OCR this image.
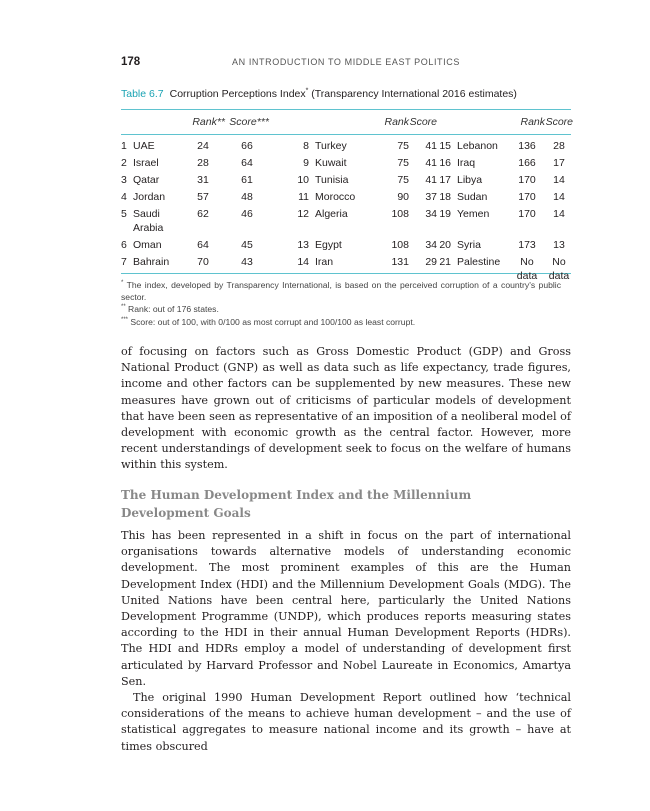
178	AN INTRODUCTION TO MIDDLE EAST POLITICS
Table 6.7 Corruption Perceptions Index* (Transparency International 2016 estimates)
		Rank**	Score***			Rank	Score			Rank	Score
1	UAE	24	66	8	Turkey	75	41	15	Lebanon	136	28
2	Israel	28	64	9	Kuwait	75	41	16	Iraq	166	17
3	Qatar	31	61	10	Tunisia	75	41	17	Libya	170	14
4	Jordan	57	48	11	Morocco	90	37	18	Sudan	170	14
5	Saudi Arabia	62	46	12	Algeria	108	34	19	Yemen	170	14
6	Oman	64	45	13	Egypt	108	34	20	Syria	173	13
7	Bahrain	70	43	14	Iran	131	29	21	Palestine	No data	No data

* The index, developed by Transparency International, is based on the perceived corruption of a country's public sector.

** Rank: out of 176 states.

*** Score: out of 100, with 0/100 as most corrupt and 100/100 as least corrupt.

of focusing on factors such as Gross Domestic Product (GDP) and Gross National Product (GNP) as well as data such as life expectancy, trade figures, income and other factors can be supplemented by new measures. These new measures have grown out of criticisms of particular models of development that have been seen as representative of an imposition of a neoliberal model of development with economic growth as the central factor. However, more recent understandings of development seek to focus on the welfare of humans within this system.

The Human Development Index and the Millennium Development Goals

This has been represented in a shift in focus on the part of international organisations towards alternative models of understanding economic development. The most prominent examples of this are the Human Development Index (HDI) and the Millennium Development Goals (MDG). The United Nations have been central here, particularly the United Nations Development Programme (UNDP), which produces reports measuring states according to the HDI in their annual Human Development Reports (HDRs). The HDI and HDRs employ a model of understanding of development first articulated by Harvard Professor and Nobel Laureate in Economics, Amartya Sen.

The original 1990 Human Development Report outlined how ‘technical considerations of the means to achieve human development – and the use of statistical aggregates to measure national income and its growth – have at times obscured
